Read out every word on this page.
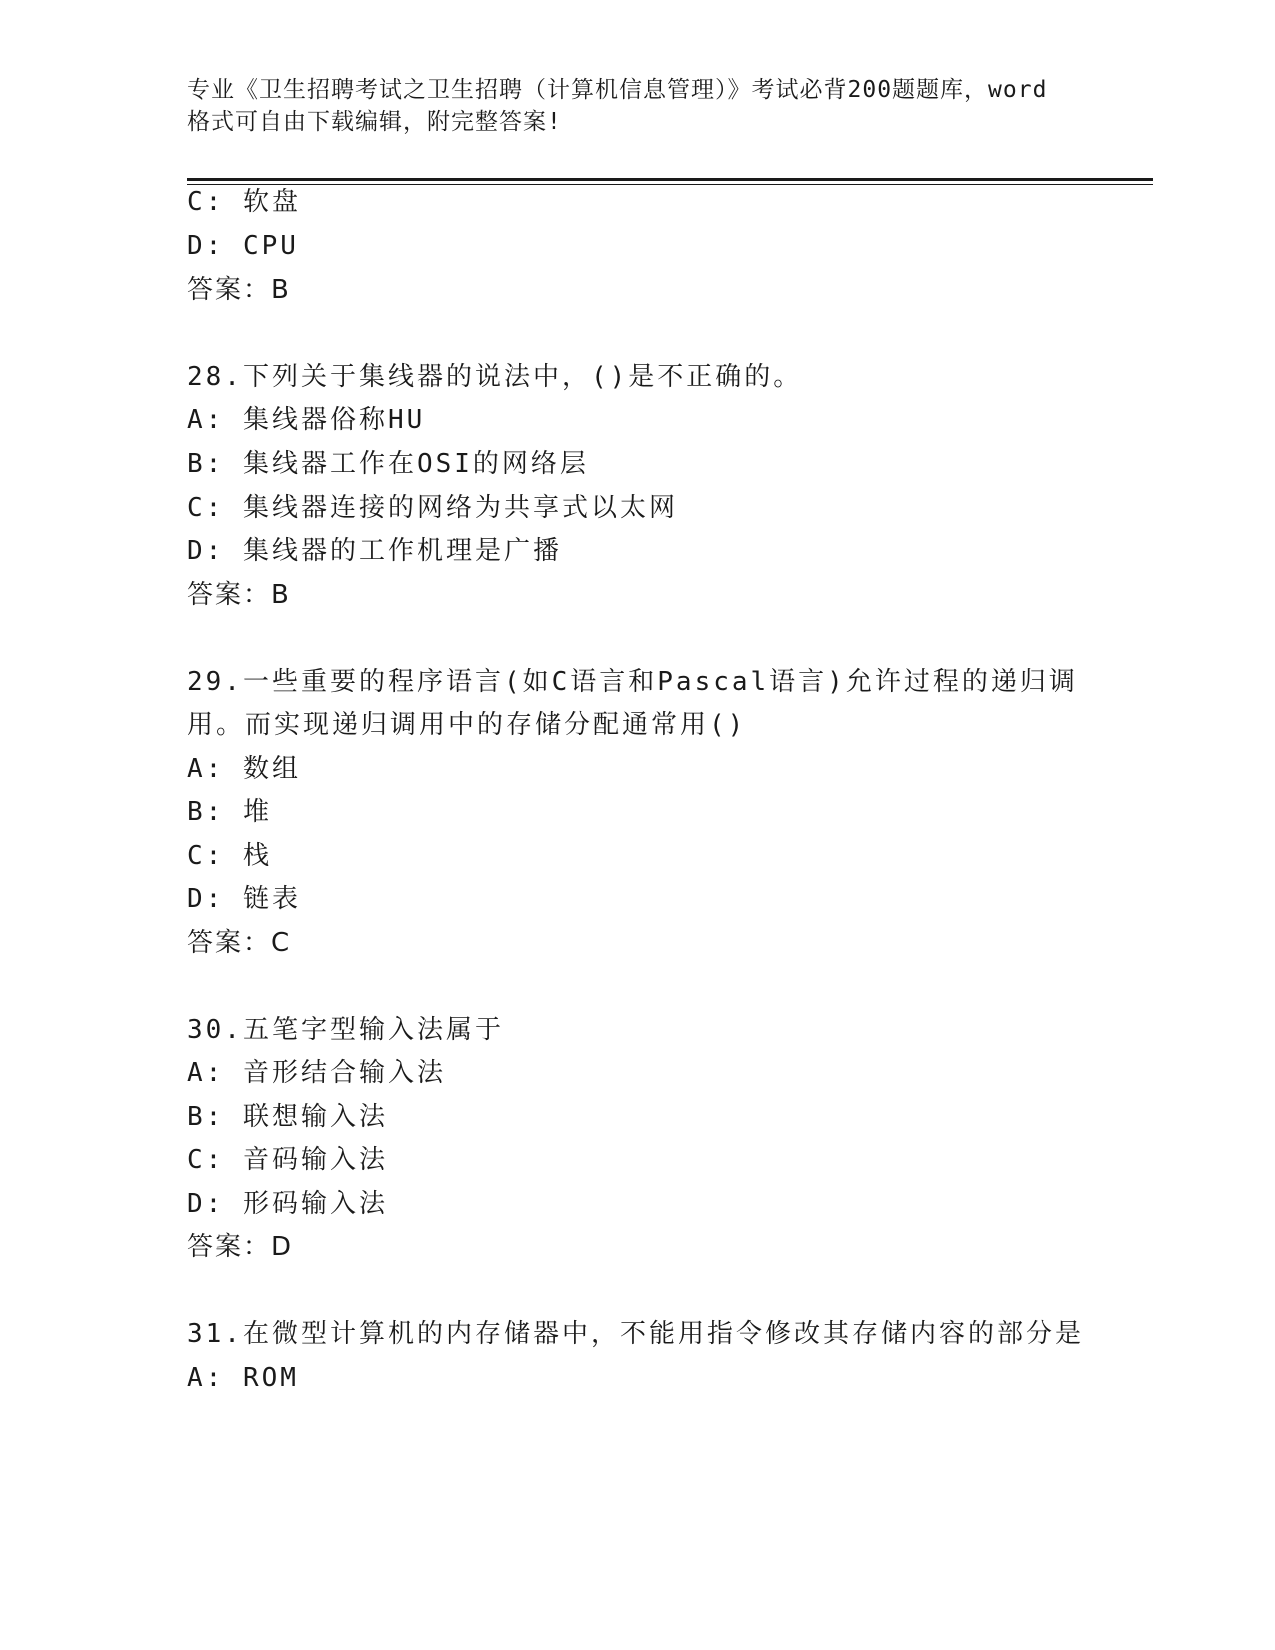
专业《卫生招聘考试之卫生招聘（计算机信息管理）》考试必背200题题库，word
格式可自由下载编辑，附完整答案!
C: 软盘
D: CPU
答案：B
28.下列关于集线器的说法中，()是不正确的。
A: 集线器俗称HU
B: 集线器工作在OSI的网络层
C: 集线器连接的网络为共享式以太网
D: 集线器的工作机理是广播
答案：B
29.一些重要的程序语言(如C语言和Pascal语言)允许过程的递归调
用。而实现递归调用中的存储分配通常用()
A: 数组
B: 堆
C: 栈
D: 链表
答案：C
30.五笔字型输入法属于
A: 音形结合输入法
B: 联想输入法
C: 音码输入法
D: 形码输入法
答案：D
31.在微型计算机的内存储器中，不能用指令修改其存储内容的部分是
A: ROM
